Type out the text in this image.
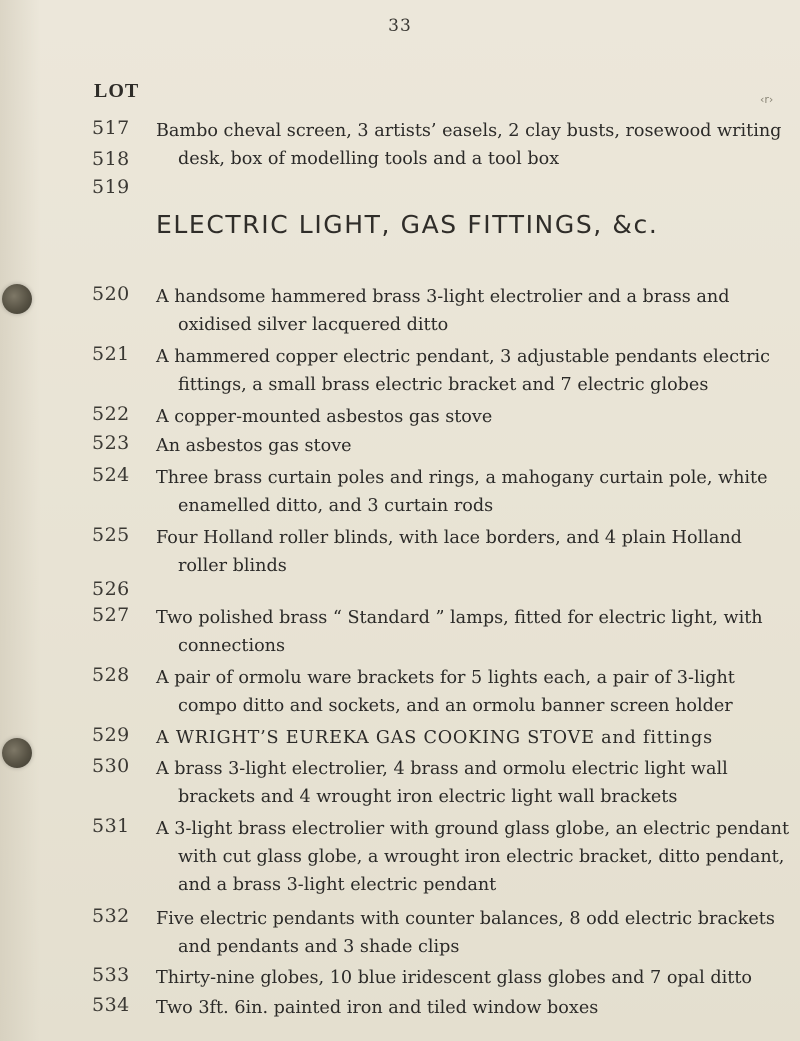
33
LOT	‹r›
517	Bambo cheval screen, 3 artists’ easels, 2 clay busts, rosewood writing desk, box of modelling tools and a tool box
518
519
ELECTRIC LIGHT, GAS FITTINGS, &c.
520	A handsome hammered brass 3-light electrolier and a brass and oxidised silver lacquered ditto
521	A hammered copper electric pendant, 3 adjustable pendants electric fittings, a small brass electric bracket and 7 electric globes
522	A copper-mounted asbestos gas stove
523	An asbestos gas stove
524	Three brass curtain poles and rings, a mahogany curtain pole, white enamelled ditto, and 3 curtain rods
525	Four Holland roller blinds, with lace borders, and 4 plain Holland roller blinds
526
527	Two polished brass “ Standard ” lamps, fitted for electric light, with connections
528	A pair of ormolu ware brackets for 5 lights each, a pair of 3-light compo ditto and sockets, and an ormolu banner screen holder
529	A WRIGHT’S EUREKA GAS COOKING STOVE and fittings
530	A brass 3-light electrolier, 4 brass and ormolu electric light wall brackets and 4 wrought iron electric light wall brackets
531	A 3-light brass electrolier with ground glass globe, an electric pendant with cut glass globe, a wrought iron electric bracket, ditto pendant, and a brass 3-light electric pendant
532	Five electric pendants with counter balances, 8 odd electric brackets and pendants and 3 shade clips
533	Thirty-nine globes, 10 blue iridescent glass globes and 7 opal ditto
534	Two 3ft. 6in. painted iron and tiled window boxes
